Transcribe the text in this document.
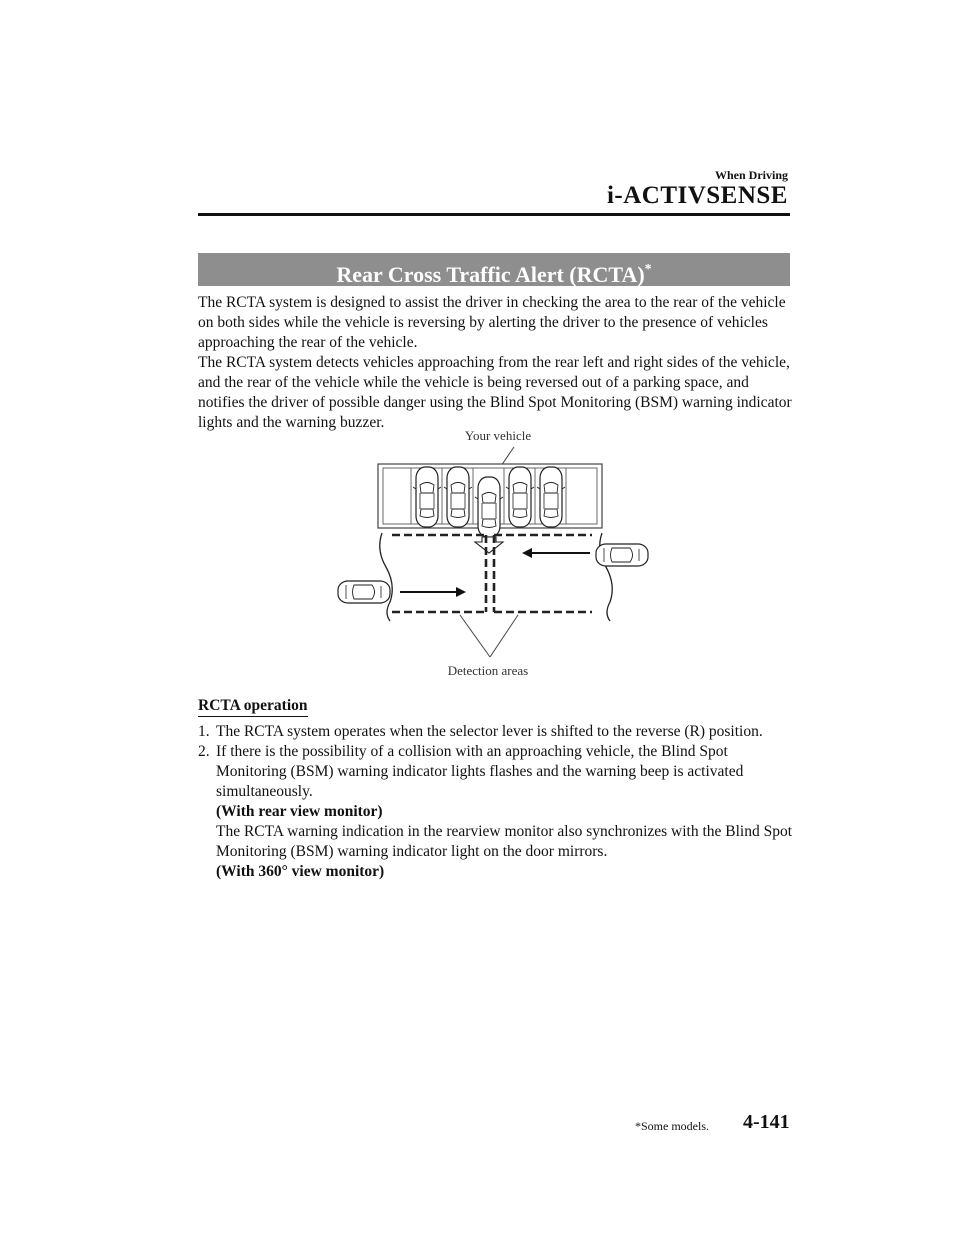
When Driving
i-ACTIVSENSE
Rear Cross Traffic Alert (RCTA)*

The RCTA system is designed to assist the driver in checking the area to the rear of the vehicle on both sides while the vehicle is reversing by alerting the driver to the presence of vehicles approaching the rear of the vehicle.

The RCTA system detects vehicles approaching from the rear left and right sides of the vehicle, and the rear of the vehicle while the vehicle is being reversed out of a parking space, and notifies the driver of possible danger using the Blind Spot Monitoring (BSM) warning indicator lights and the warning buzzer.

Your vehicle
Detection areas
RCTA operation
1. The RCTA system operates when the selector lever is shifted to the reverse (R) position.
2. If there is the possibility of a collision with an approaching vehicle, the Blind Spot Monitoring (BSM) warning indicator lights flashes and the warning beep is activated simultaneously.
(With rear view monitor)
The RCTA warning indication in the rearview monitor also synchronizes with the Blind Spot Monitoring (BSM) warning indicator light on the door mirrors.
(With 360° view monitor)
*Some models. 4-141
